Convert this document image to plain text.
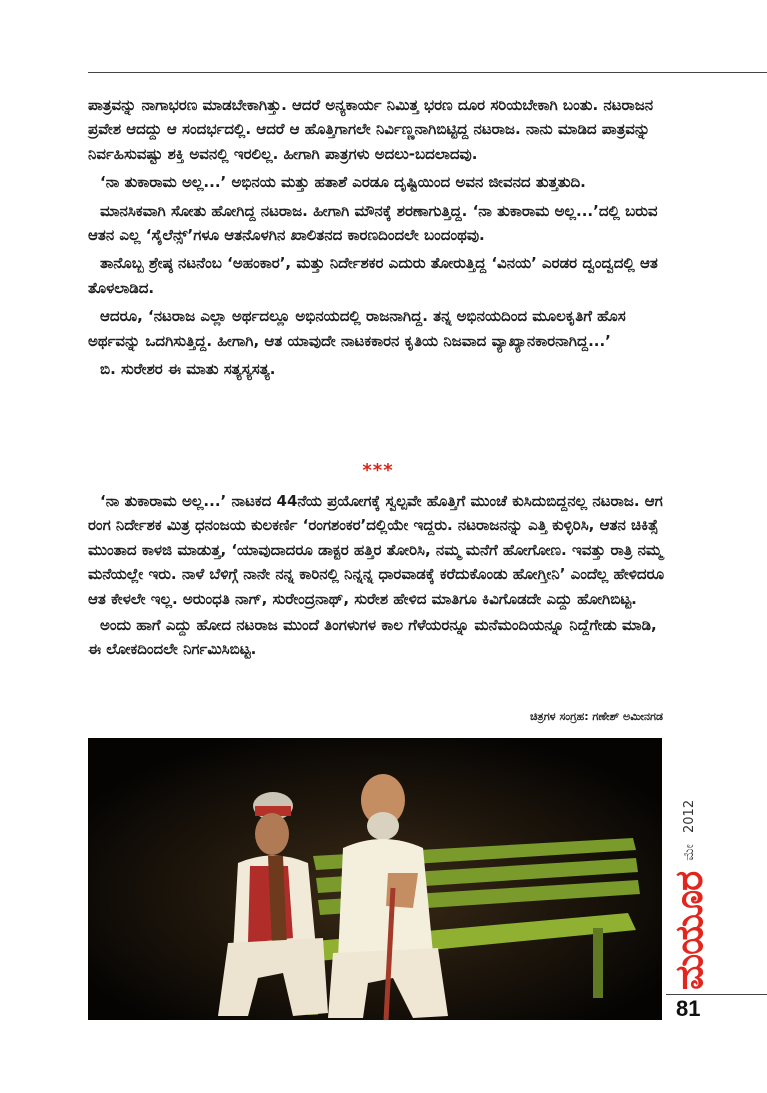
ಪಾತ್ರವನ್ನು ನಾಗಾಭರಣ ಮಾಡಬೇಕಾಗಿತ್ತು. ಆದರೆ ಅನ್ಯಕಾರ್ಯ ನಿಮಿತ್ತ ಭರಣ ದೂರ ಸರಿಯಬೇಕಾಗಿ ಬಂತು. ನಟರಾಜನ ಪ್ರವೇಶ ಆದದ್ದು ಆ ಸಂದರ್ಭದಲ್ಲಿ. ಆದರೆ ಆ ಹೊತ್ತಿಗಾಗಲೇ ನಿರ್ವಿಣ್ಣನಾಗಿಬಿಟ್ಟಿದ್ದ ನಟರಾಜ. ನಾನು ಮಾಡಿದ ಪಾತ್ರವನ್ನು ನಿರ್ವಹಿಸುವಷ್ಟು ಶಕ್ತಿ ಅವನಲ್ಲಿ ಇರಲಿಲ್ಲ. ಹೀಗಾಗಿ ಪಾತ್ರಗಳು ಅದಲು-ಬದಲಾದವು.

‘ನಾ ತುಕಾರಾಮ ಅಲ್ಲ...’ ಅಭಿನಯ ಮತ್ತು ಹತಾಶೆ ಎರಡೂ ದೃಷ್ಟಿಯಿಂದ ಅವನ ಜೀವನದ ತುತ್ತತುದಿ.

ಮಾನಸಿಕವಾಗಿ ಸೋತು ಹೋಗಿದ್ದ ನಟರಾಜ. ಹೀಗಾಗಿ ಮೌನಕ್ಕೆ ಶರಣಾಗುತ್ತಿದ್ದ. ‘ನಾ ತುಕಾರಾಮ ಅಲ್ಲ...’ದಲ್ಲಿ ಬರುವ ಆತನ ಎಲ್ಲ ‘ಸೈಲೆನ್ಸ್’ಗಳೂ ಆತನೊಳಗಿನ ಖಾಲಿತನದ ಕಾರಣದಿಂದಲೇ ಬಂದಂಥವು.

ತಾನೊಬ್ಬ ಶ್ರೇಷ್ಠ ನಟನೆಂಬ ‘ಅಹಂಕಾರ’, ಮತ್ತು ನಿರ್ದೇಶಕರ ಎದುರು ತೋರುತ್ತಿದ್ದ ‘ವಿನಯ’ ಎರಡರ ದ್ವಂದ್ವದಲ್ಲಿ ಆತ ತೊಳಲಾಡಿದ.

ಆದರೂ, ‘ನಟರಾಜ ಎಲ್ಲಾ ಅರ್ಥದಲ್ಲೂ ಅಭಿನಯದಲ್ಲಿ ರಾಜನಾಗಿದ್ದ. ತನ್ನ ಅಭಿನಯದಿಂದ ಮೂಲಕೃತಿಗೆ ಹೊಸ ಅರ್ಥವನ್ನು ಒದಗಿಸುತ್ತಿದ್ದ. ಹೀಗಾಗಿ, ಆತ ಯಾವುದೇ ನಾಟಕಕಾರನ ಕೃತಿಯ ನಿಜವಾದ ವ್ಯಾಖ್ಯಾನಕಾರನಾಗಿದ್ದ...’

ಬಿ. ಸುರೇಶರ ಈ ಮಾತು ಸತ್ಯಸ್ಯಸತ್ಯ.

***

‘ನಾ ತುಕಾರಾಮ ಅಲ್ಲ...’ ನಾಟಕದ 44ನೆಯ ಪ್ರಯೋಗಕ್ಕೆ ಸ್ವಲ್ಪವೇ ಹೊತ್ತಿಗೆ ಮುಂಚೆ ಕುಸಿದುಬಿದ್ದನಲ್ಲ ನಟರಾಜ. ಆಗ ರಂಗ ನಿರ್ದೇಶಕ ಮಿತ್ರ ಧನಂಜಯ ಕುಲಕರ್ಣಿ ‘ರಂಗಶಂಕರ’ದಲ್ಲಿಯೇ ಇದ್ದರು. ನಟರಾಜನನ್ನು ಎತ್ತಿ ಕುಳ್ಳಿರಿಸಿ, ಆತನ ಚಿಕಿತ್ಸೆ ಮುಂತಾದ ಕಾಳಜಿ ಮಾಡುತ್ತ, ‘ಯಾವುದಾದರೂ ಡಾಕ್ಟರ ಹತ್ತಿರ ತೋರಿಸಿ, ನಮ್ಮ ಮನೆಗೆ ಹೋಗೋಣ. ಇವತ್ತು ರಾತ್ರಿ ನಮ್ಮ ಮನೆಯಲ್ಲೇ ಇರು. ನಾಳೆ ಬೆಳಿಗ್ಗೆ ನಾನೇ ನನ್ನ ಕಾರಿನಲ್ಲಿ ನಿನ್ನನ್ನ ಧಾರವಾಡಕ್ಕೆ ಕರೆದುಕೊಂಡು ಹೋಗ್ತೀನಿ’ ಎಂದೆಲ್ಲ ಹೇಳಿದರೂ ಆತ ಕೇಳಲೇ ಇಲ್ಲ. ಅರುಂಧತಿ ನಾಗ್, ಸುರೇಂದ್ರನಾಥ್, ಸುರೇಶ ಹೇಳಿದ ಮಾತಿಗೂ ಕಿವಿಗೊಡದೇ ಎದ್ದು ಹೋಗಿಬಿಟ್ಟ.

ಅಂದು ಹಾಗೆ ಎದ್ದು ಹೋದ ನಟರಾಜ ಮುಂದೆ ತಿಂಗಳುಗಳ ಕಾಲ ಗೆಳೆಯರನ್ನೂ ಮನೆಮಂದಿಯನ್ನೂ ನಿದ್ದೆಗೇಡು ಮಾಡಿ, ಈ ಲೋಕದಿಂದಲೇ ನಿರ್ಗಮಿಸಿಬಿಟ್ಟ.

ಚಿತ್ರಗಳ ಸಂಗ್ರಹ: ಗಣೇಶ್ ಅಮೀನಗಡ
ಮಯೂರ ಮೇ 2012
81
